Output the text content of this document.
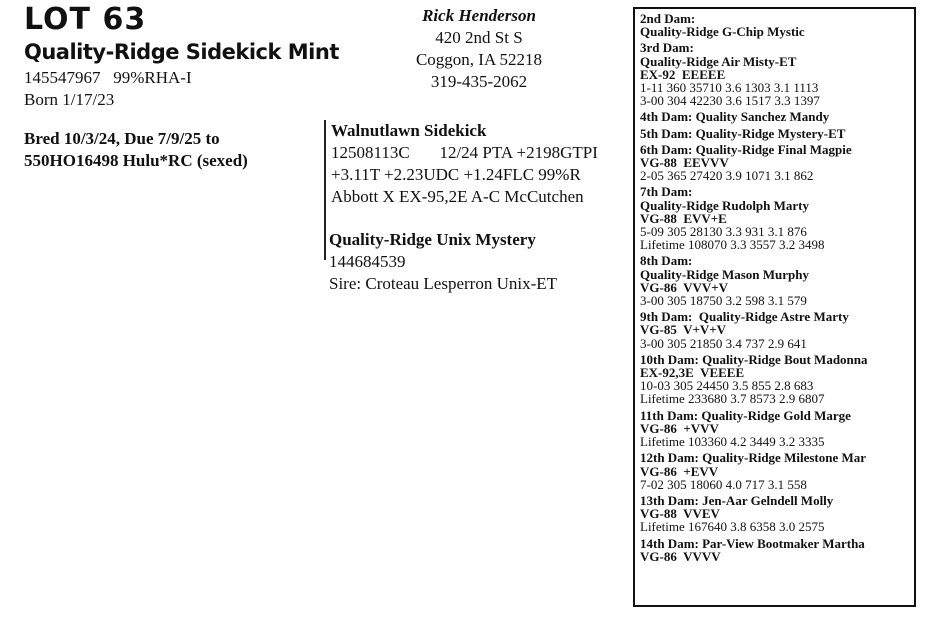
LOT 63
Quality-Ridge Sidekick Mint
145547967   99%RHA-I
Born 1/17/23
Bred 10/3/24, Due 7/9/25 to
550HO16498 Hulu*RC (sexed)
Rick Henderson
420 2nd St S
Coggon, IA 52218
319-435-2062
Walnutlawn Sidekick
12508113C       12/24 PTA +2198GTPI
+3.11T +2.23UDC +1.24FLC 99%R
Abbott X EX-95,2E A-C McCutchen
Quality-Ridge Unix Mystery
144684539
Sire: Croteau Lesperron Unix-ET
2nd Dam:
Quality-Ridge G-Chip Mystic
3rd Dam:
Quality-Ridge Air Misty-ET
EX-92  EEEEE
1-11 360 35710 3.6 1303 3.1 1113
3-00 304 42230 3.6 1517 3.3 1397
4th Dam: Quality Sanchez Mandy
5th Dam: Quality-Ridge Mystery-ET
6th Dam: Quality-Ridge Final Magpie
VG-88  EEVVV
2-05 365 27420 3.9 1071 3.1 862
7th Dam:
Quality-Ridge Rudolph Marty
VG-88  EVV+E
5-09 305 28130 3.3 931 3.1 876
Lifetime 108070 3.3 3557 3.2 3498
8th Dam:
Quality-Ridge Mason Murphy
VG-86  VVV+V
3-00 305 18750 3.2 598 3.1 579
9th Dam:  Quality-Ridge Astre Marty
VG-85  V+V+V
3-00 305 21850 3.4 737 2.9 641
10th Dam: Quality-Ridge Bout Madonna
EX-92,3E  VEEEE
10-03 305 24450 3.5 855 2.8 683
Lifetime 233680 3.7 8573 2.9 6807
11th Dam: Quality-Ridge Gold Marge
VG-86  +VVV
Lifetime 103360 4.2 3449 3.2 3335
12th Dam: Quality-Ridge Milestone Mar
VG-86  +EVV
7-02 305 18060 4.0 717 3.1 558
13th Dam: Jen-Aar Gelndell Molly
VG-88  VVEV
Lifetime 167640 3.8 6358 3.0 2575
14th Dam: Par-View Bootmaker Martha
VG-86  VVVV
